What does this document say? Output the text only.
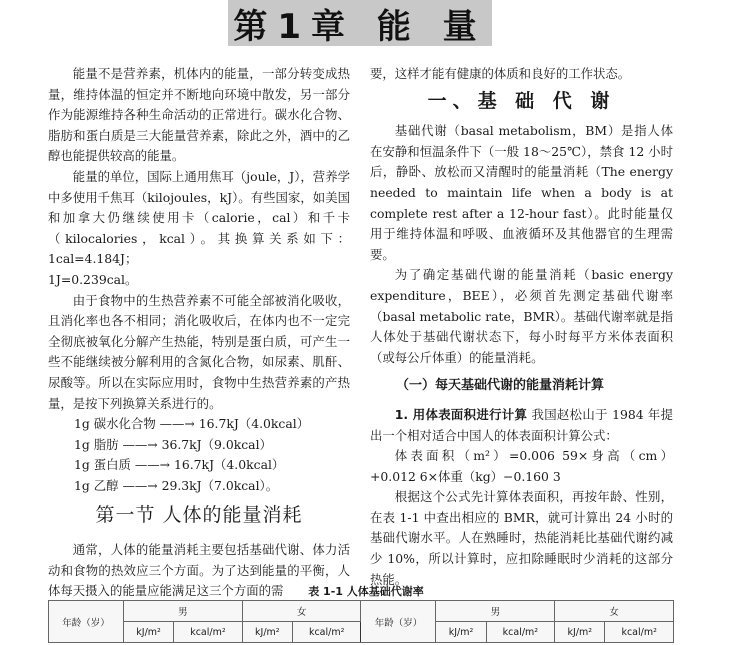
第1章 能 量

能量不是营养素，机体内的能量，一部分转变成热量，维持体温的恒定并不断地向环境中散发，另一部分作为能源维持各种生命活动的正常进行。碳水化合物、脂肪和蛋白质是三大能量营养素，除此之外，酒中的乙醇也能提供较高的能量。

能量的单位，国际上通用焦耳（joule，J），营养学中多使用千焦耳（kilojoules，kJ）。有些国家，如美国和加拿大仍继续使用卡（calorie，cal）和千卡（kilocalories，kcal）。其换算关系如下：1cal=4.184J；

1J=0.239cal。

由于食物中的生热营养素不可能全部被消化吸收，且消化率也各不相同；消化吸收后，在体内也不一定完全彻底被氧化分解产生热能，特别是蛋白质，可产生一些不能继续被分解利用的含氮化合物，如尿素、肌酐、尿酸等。所以在实际应用时，食物中生热营养素的产热量，是按下列换算关系进行的。

1g 碳水化合物 ——→ 16.7kJ（4.0kcal）
1g 脂肪 ——→ 36.7kJ（9.0kcal）
1g 蛋白质 ——→ 16.7kJ（4.0kcal）
1g 乙醇 ——→ 29.3kJ（7.0kcal）。
第一节 人体的能量消耗

通常，人体的能量消耗主要包括基础代谢、体力活动和食物的热效应三个方面。为了达到能量的平衡，人体每天摄入的能量应能满足这三个方面的需

要，这样才能有健康的体质和良好的工作状态。

一、基 础 代 谢

基础代谢（basal metabolism，BM）是指人体在安静和恒温条件下（一般 18～25℃），禁食 12 小时后，静卧、放松而又清醒时的能量消耗（The energy needed to maintain life when a body is at complete rest after a 12-hour fast）。此时能量仅用于维持体温和呼吸、血液循环及其他器官的生理需要。

为了确定基础代谢的能量消耗（basic energy expenditure，BEE），必须首先测定基础代谢率（basal metabolic rate，BMR）。基础代谢率就是指人体处于基础代谢状态下，每小时每平方米体表面积（或每公斤体重）的能量消耗。

（一）每天基础代谢的能量消耗计算

1. 用体表面积进行计算 我国赵松山于 1984 年提出一个相对适合中国人的体表面积计算公式：

体表面积（m²）=0.006 59×身高（cm）+0.012 6×体重（kg）−0.160 3

根据这个公式先计算体表面积，再按年龄、性别，在表 1-1 中查出相应的 BMR，就可计算出 24 小时的基础代谢水平。人在熟睡时，热能消耗比基础代谢约减少 10%，所以计算时，应扣除睡眠时少消耗的这部分热能。

表 1-1 人体基础代谢率
年龄（岁）	男		女		年龄（岁）	男		女	
	kJ/m²	kcal/m²	kJ/m²	kcal/m²		kJ/m²	kcal/m²	kJ/m²	kcal/m²
